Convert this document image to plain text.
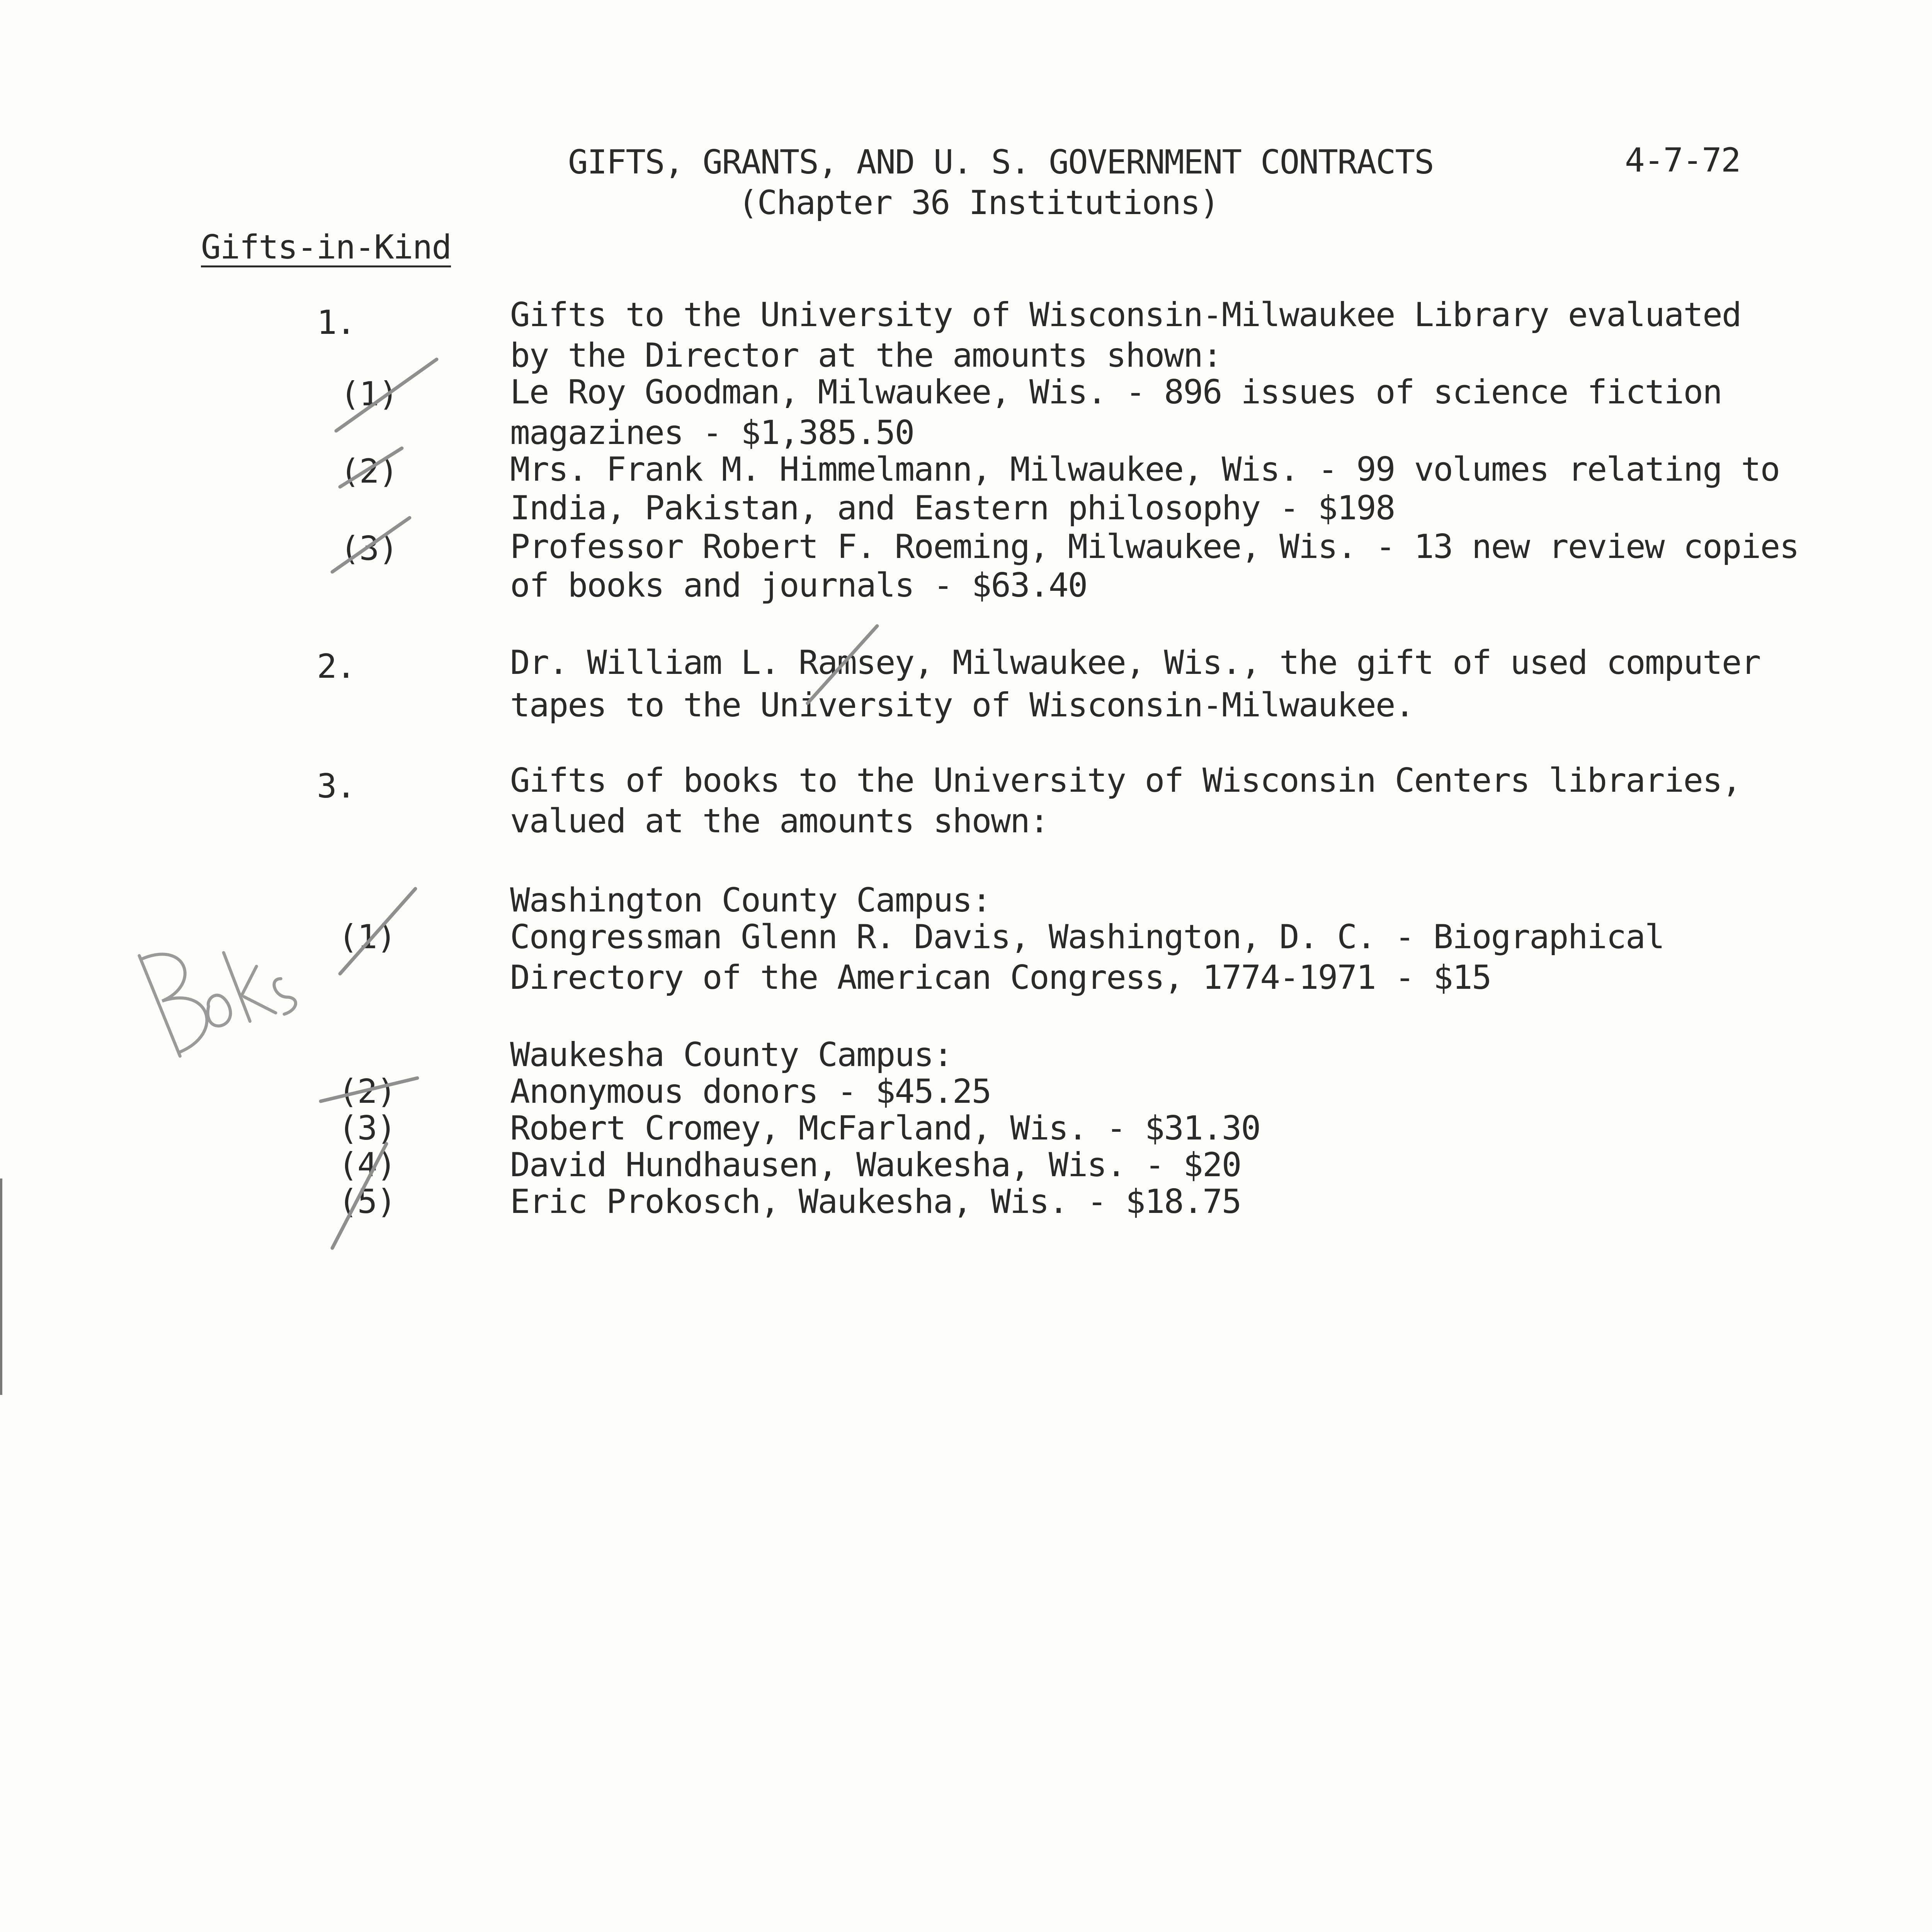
GIFTS, GRANTS, AND U. S. GOVERNMENT CONTRACTS
(Chapter 36 Institutions)
4-7-72
Gifts-in-Kind
1.	Gifts to the University of Wisconsin-Milwaukee Library evaluated
by the Director at the amounts shown:
(1)	Le Roy Goodman, Milwaukee, Wis. - 896 issues of science fiction
magazines - $1,385.50
(2)	Mrs. Frank M. Himmelmann, Milwaukee, Wis. - 99 volumes relating to
India, Pakistan, and Eastern philosophy - $198
(3)	Professor Robert F. Roeming, Milwaukee, Wis. - 13 new review copies
of books and journals - $63.40
2.	Dr. William L. Ramsey, Milwaukee, Wis., the gift of used computer
tapes to the University of Wisconsin-Milwaukee.
3.	Gifts of books to the University of Wisconsin Centers libraries,
valued at the amounts shown:
Washington County Campus:
(1)	Congressman Glenn R. Davis, Washington, D. C. - Biographical
Directory of the American Congress, 1774-1971 - $15
Waukesha County Campus:
(2)	Anonymous donors - $45.25
(3)	Robert Cromey, McFarland, Wis. - $31.30
(4)	David Hundhausen, Waukesha, Wis. - $20
(5)	Eric Prokosch, Waukesha, Wis. - $18.75
